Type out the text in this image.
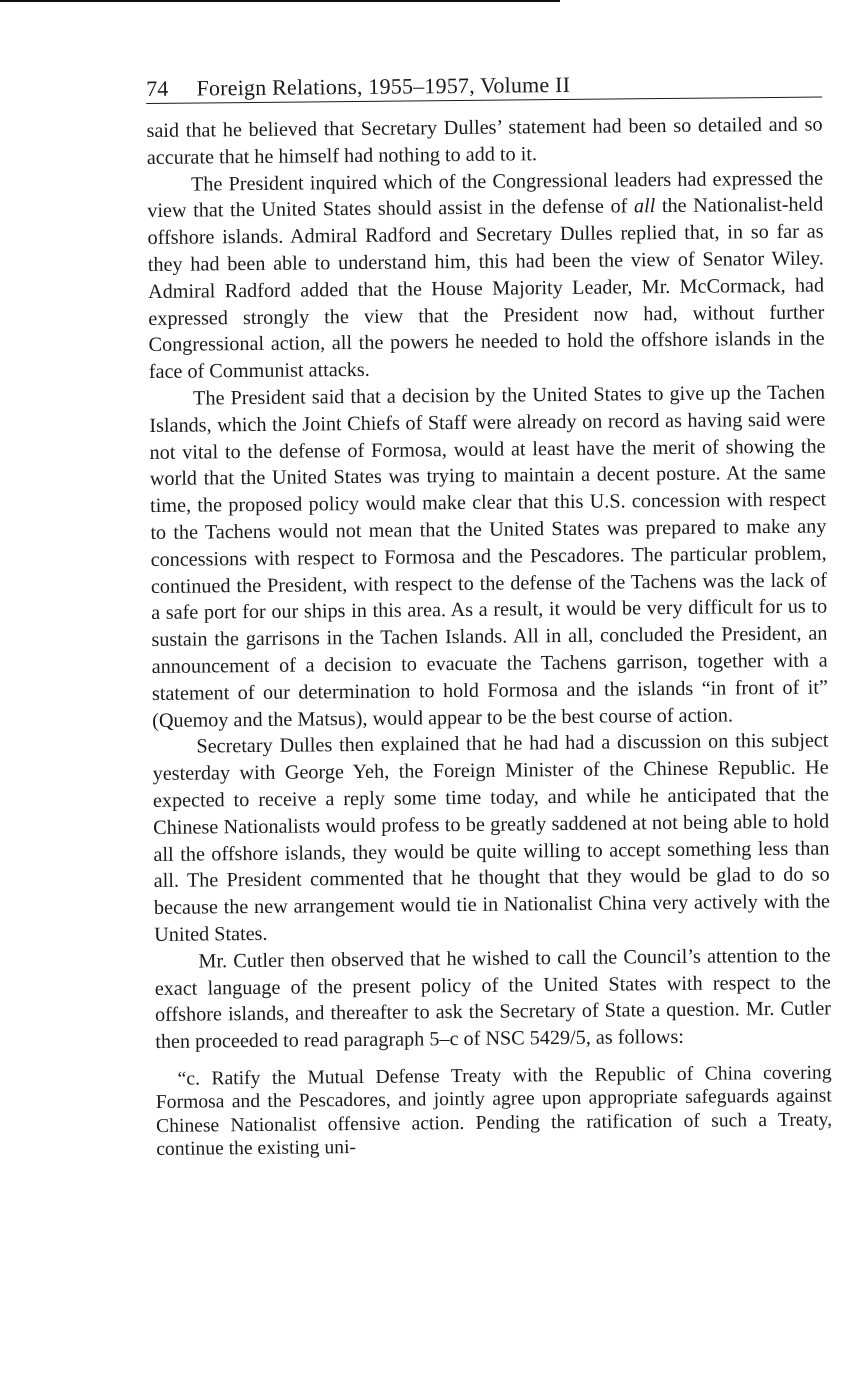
74 Foreign Relations, 1955–1957, Volume II

said that he believed that Secretary Dulles’ statement had been so detailed and so accurate that he himself had nothing to add to it.

The President inquired which of the Congressional leaders had expressed the view that the United States should assist in the defense of all the Nationalist-held offshore islands. Admiral Radford and Secretary Dulles replied that, in so far as they had been able to understand him, this had been the view of Senator Wiley. Admiral Radford added that the House Majority Leader, Mr. McCormack, had expressed strongly the view that the President now had, without further Congressional action, all the powers he needed to hold the offshore islands in the face of Communist attacks.

The President said that a decision by the United States to give up the Tachen Islands, which the Joint Chiefs of Staff were already on record as having said were not vital to the defense of Formosa, would at least have the merit of showing the world that the United States was trying to maintain a decent posture. At the same time, the proposed policy would make clear that this U.S. concession with respect to the Tachens would not mean that the United States was prepared to make any concessions with respect to Formosa and the Pescadores. The particular problem, continued the President, with respect to the defense of the Tachens was the lack of a safe port for our ships in this area. As a result, it would be very difficult for us to sustain the garrisons in the Tachen Islands. All in all, concluded the President, an announcement of a decision to evacuate the Tachens garrison, together with a statement of our determination to hold Formosa and the islands “in front of it” (Quemoy and the Matsus), would appear to be the best course of action.

Secretary Dulles then explained that he had had a discussion on this subject yesterday with George Yeh, the Foreign Minister of the Chinese Republic. He expected to receive a reply some time today, and while he anticipated that the Chinese Nationalists would profess to be greatly saddened at not being able to hold all the offshore islands, they would be quite willing to accept something less than all. The President commented that he thought that they would be glad to do so because the new arrangement would tie in Nationalist China very actively with the United States.

Mr. Cutler then observed that he wished to call the Council’s attention to the exact language of the present policy of the United States with respect to the offshore islands, and thereafter to ask the Secretary of State a question. Mr. Cutler then proceeded to read paragraph 5–c of NSC 5429/5, as follows:

“c. Ratify the Mutual Defense Treaty with the Republic of China covering Formosa and the Pescadores, and jointly agree upon appropriate safeguards against Chinese Nationalist offensive action. Pending the ratification of such a Treaty, continue the existing uni-
